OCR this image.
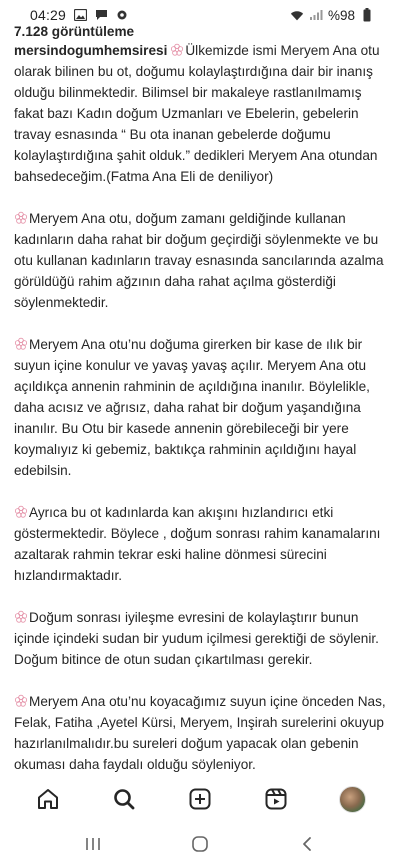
04:29	%98
7.128 görüntüleme

mersindogumhemsiresi Ülkemizde ismi Meryem Ana otu olarak bilinen bu ot, doğumu kolaylaştırdığına dair bir inanış olduğu bilinmektedir. Bilimsel bir makaleye rastlanılmamış fakat bazı Kadın doğum Uzmanları ve Ebelerin, gebelerin travay esnasında “ Bu ota inanan gebelerde doğumu kolaylaştırdığına şahit olduk.” dedikleri Meryem Ana otundan bahsedeceğim.(Fatma Ana Eli de deniliyor)

Meryem Ana otu, doğum zamanı geldiğinde kullanan kadınların daha rahat bir doğum geçirdiği söylenmekte ve bu otu kullanan kadınların travay esnasında sancılarında azalma görüldüğü rahim ağzının daha rahat açılma gösterdiği söylenmektedir.

Meryem Ana otu’nu doğuma girerken bir kase de ılık bir suyun içine konulur ve yavaş yavaş açılır. Meryem Ana otu açıldıkça annenin rahminin de açıldığına inanılır. Böylelikle, daha acısız ve ağrısız, daha rahat bir doğum yaşandığına inanılır. Bu Otu bir kasede annenin görebileceği bir yere koymalıyız ki gebemiz, baktıkça rahminin açıldığını hayal edebilsin.

Ayrıca bu ot kadınlarda kan akışını hızlandırıcı etki göstermektedir. Böylece , doğum sonrası rahim kanamalarını azaltarak rahmin tekrar eski haline dönmesi sürecini hızlandırmaktadır.

Doğum sonrası iyileşme evresini de kolaylaştırır bunun içinde içindeki sudan bir yudum içilmesi gerektiği de söylenir. Doğum bitince de otun sudan çıkartılması gerekir.

Meryem Ana otu’nu koyacağımız suyun içine önceden Nas, Felak, Fatiha ,Ayetel Kürsi, Meryem, Inşirah surelerini okuyup hazırlanılmalıdır.bu sureleri doğum yapacak olan gebenin okuması daha faydalı olduğu söyleniyor.
